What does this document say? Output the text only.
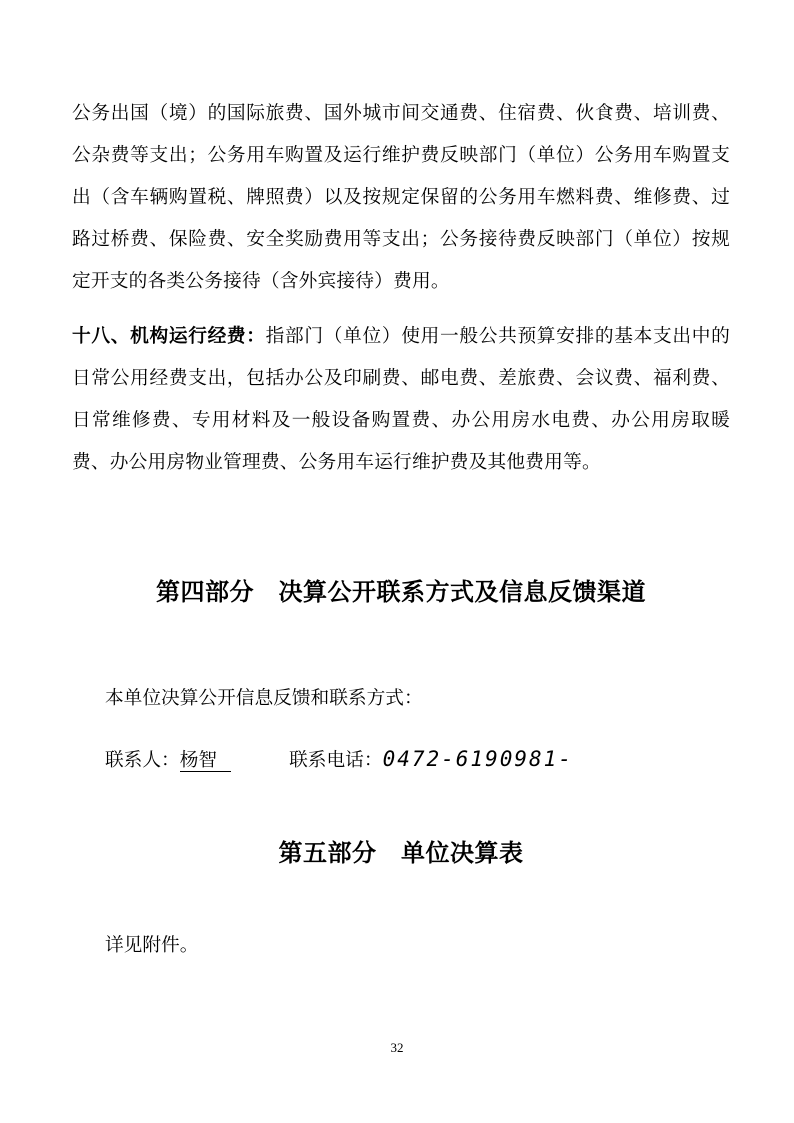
公务出国（境）的国际旅费、国外城市间交通费、住宿费、伙食费、培训费、公杂费等支出；公务用车购置及运行维护费反映部门（单位）公务用车购置支出（含车辆购置税、牌照费）以及按规定保留的公务用车燃料费、维修费、过路过桥费、保险费、安全奖励费用等支出；公务接待费反映部门（单位）按规定开支的各类公务接待（含外宾接待）费用。

十八、机构运行经费：指部门（单位）使用一般公共预算安排的基本支出中的日常公用经费支出，包括办公及印刷费、邮电费、差旅费、会议费、福利费、日常维修费、专用材料及一般设备购置费、办公用房水电费、办公用房取暖费、办公用房物业管理费、公务用车运行维护费及其他费用等。

第四部分　决算公开联系方式及信息反馈渠道

本单位决算公开信息反馈和联系方式：

联系人：杨智	联系电话：0472-6190981-

第五部分　单位决算表

详见附件。

32
